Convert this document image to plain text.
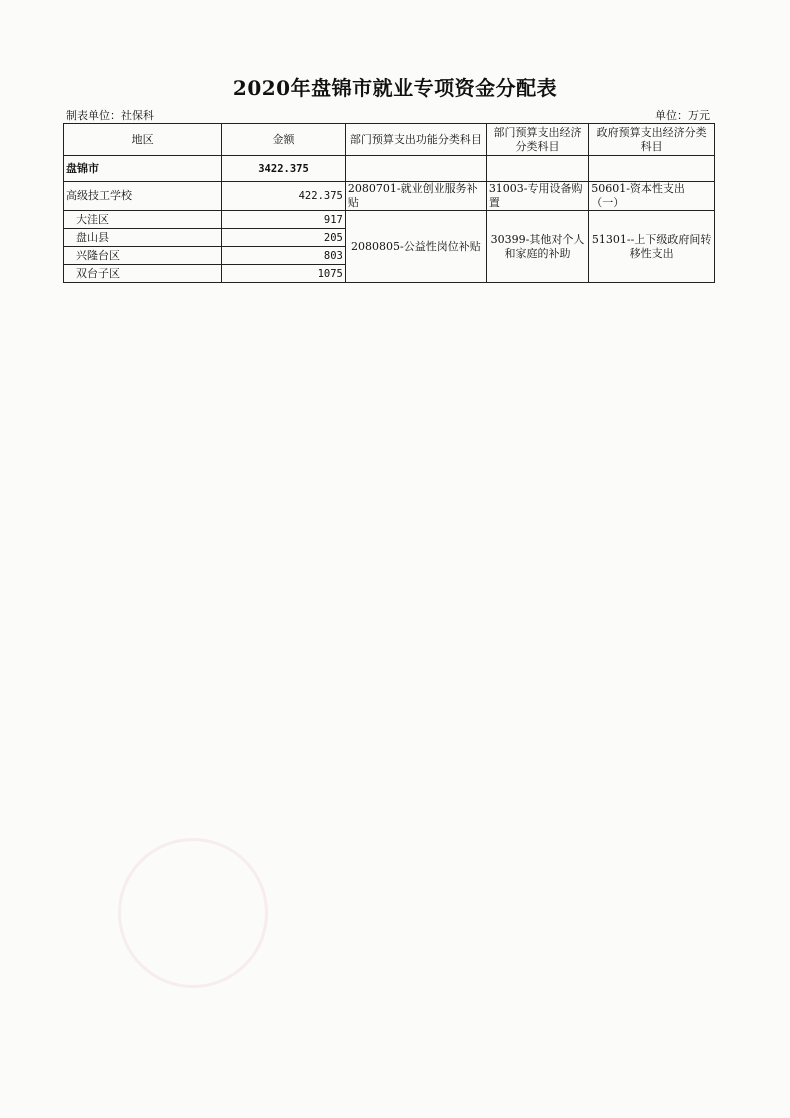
2020年盘锦市就业专项资金分配表
制表单位：社保科	单位：万元
地区	金额	部门预算支出功能分类科目	部门预算支出经济分类科目	政府预算支出经济分类科目
盘锦市	3422.375			
高级技工学校	422.375	2080701-就业创业服务补贴	31003-专用设备购置	50601-资本性支出（一）
大洼区	917	2080805-公益性岗位补贴	30399-其他对个人和家庭的补助	51301--上下级政府间转移性支出
盘山县	205			
兴隆台区	803			
双台子区	1075			
